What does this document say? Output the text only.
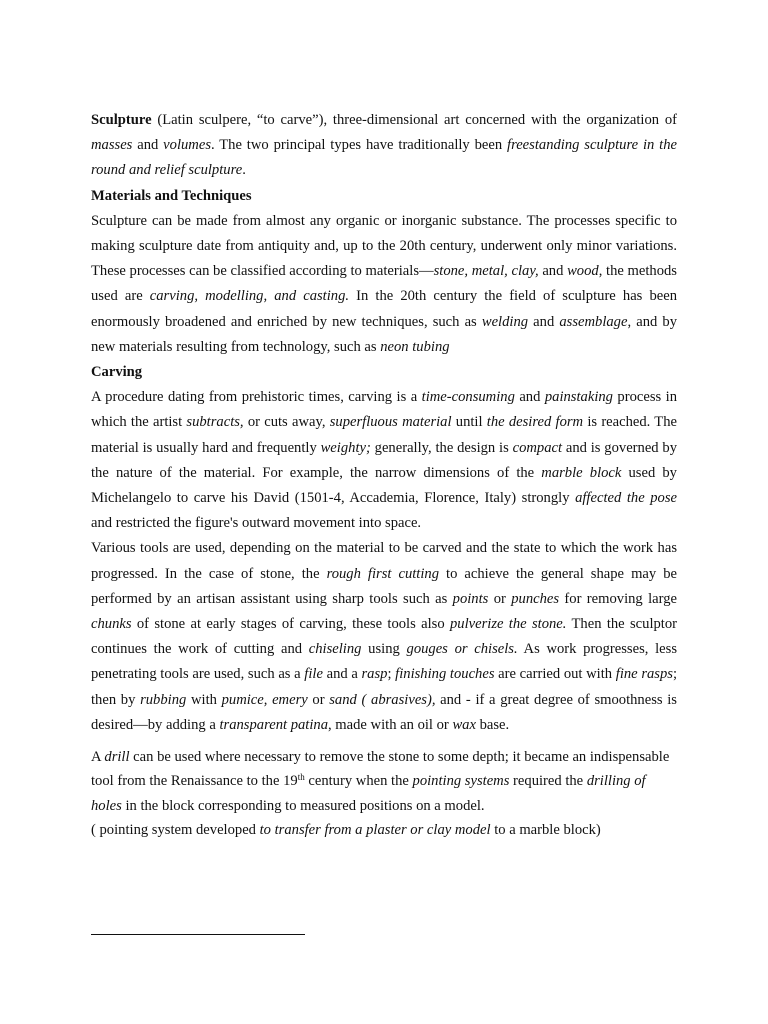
Sculpture (Latin sculpere, “to carve”), three-dimensional art concerned with the organization of masses and volumes. The two principal types have traditionally been freestanding sculpture in the round and relief sculpture.

Materials and Techniques

Sculpture can be made from almost any organic or inorganic substance. The processes specific to making sculpture date from antiquity and, up to the 20th century, underwent only minor variations. These processes can be classified according to materials—stone, metal, clay, and wood, the methods used are carving, modelling, and casting. In the 20th century the field of sculpture has been enormously broadened and enriched by new techniques, such as welding and assemblage, and by new materials resulting from technology, such as neon tubing

Carving

A procedure dating from prehistoric times, carving is a time-consuming and painstaking process in which the artist subtracts, or cuts away, superfluous material until the desired form is reached. The material is usually hard and frequently weighty; generally, the design is compact and is governed by the nature of the material. For example, the narrow dimensions of the marble block used by Michelangelo to carve his David (1501-4, Accademia, Florence, Italy) strongly affected the pose and restricted the figure's outward movement into space.

Various tools are used, depending on the material to be carved and the state to which the work has progressed. In the case of stone, the rough first cutting to achieve the general shape may be performed by an artisan assistant using sharp tools such as points or punches for removing large chunks of stone at early stages of carving, these tools also pulverize the stone. Then the sculptor continues the work of cutting and chiseling using gouges or chisels. As work progresses, less penetrating tools are used, such as a file and a rasp; finishing touches are carried out with fine rasps; then by rubbing with pumice, emery or sand ( abrasives), and - if a great degree of smoothness is desired—by adding a transparent patina, made with an oil or wax base.

A drill can be used where necessary to remove the stone to some depth; it became an indispensable tool from the Renaissance to the 19th century when the pointing systems required the drilling of holes in the block corresponding to measured positions on a model.

( pointing system developed to transfer from a plaster or clay model to a marble block)
